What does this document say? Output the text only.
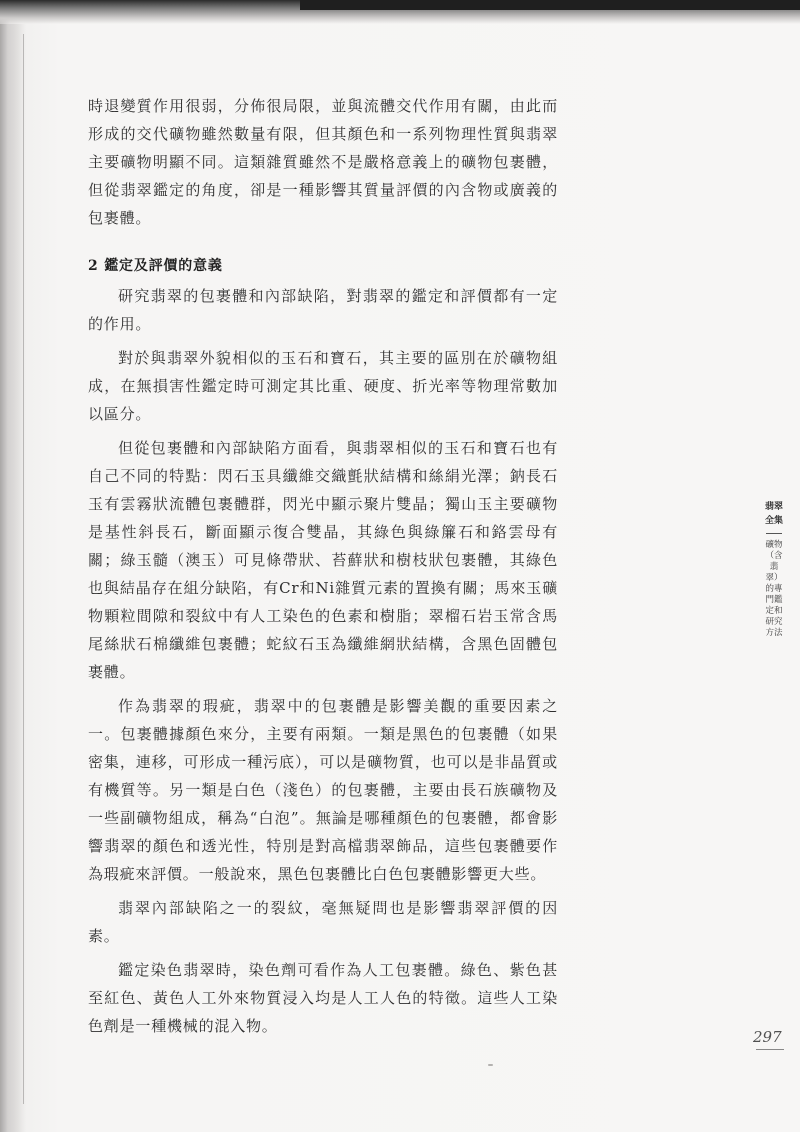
時退變質作用很弱，分佈很局限，並與流體交代作用有關，由此而形成的交代礦物雖然數量有限，但其顏色和一系列物理性質與翡翠主要礦物明顯不同。這類雜質雖然不是嚴格意義上的礦物包裹體，但從翡翠鑑定的角度，卻是一種影響其質量評價的內含物或廣義的包裹體。

2 鑑定及評價的意義

研究翡翠的包裹體和內部缺陷，對翡翠的鑑定和評價都有一定的作用。

對於與翡翠外貌相似的玉石和寶石，其主要的區別在於礦物組成，在無損害性鑑定時可測定其比重、硬度、折光率等物理常數加以區分。

但從包裹體和內部缺陷方面看，與翡翠相似的玉石和寶石也有自己不同的特點：閃石玉具纖維交織氈狀結構和絲絹光澤；鈉長石玉有雲霧狀流體包裹體群，閃光中顯示聚片雙晶；獨山玉主要礦物是基性斜長石，斷面顯示復合雙晶，其綠色與綠簾石和鉻雲母有關；綠玉髓（澳玉）可見條帶狀、苔蘚狀和樹枝狀包裹體，其綠色也與結晶存在組分缺陷，有Cr和Ni雜質元素的置換有關；馬來玉礦物顆粒間隙和裂紋中有人工染色的色素和樹脂；翠榴石岩玉常含馬尾絲狀石棉纖維包裹體；蛇紋石玉為纖維網狀結構，含黑色固體包裹體。

作為翡翠的瑕疵，翡翠中的包裹體是影響美觀的重要因素之一。包裹體據顏色來分，主要有兩類。一類是黑色的包裹體（如果密集，連移，可形成一種污底），可以是礦物質，也可以是非晶質或有機質等。另一類是白色（淺色）的包裹體，主要由長石族礦物及一些副礦物組成，稱為“白泡”。無論是哪種顏色的包裹體，都會影響翡翠的顏色和透光性，特別是對高檔翡翠飾品，這些包裹體要作為瑕疵來評價。一般說來，黑色包裹體比白色包裹體影響更大些。

翡翠內部缺陷之一的裂紋，毫無疑問也是影響翡翠評價的因素。

鑑定染色翡翠時，染色劑可看作為人工包裹體。綠色、紫色甚至紅色、黃色人工外來物質浸入均是人工人色的特徵。這些人工染色劑是一種機械的混入物。

翡翠全集
礦物（含翡翠）的專門鑑定和研究方法
297
